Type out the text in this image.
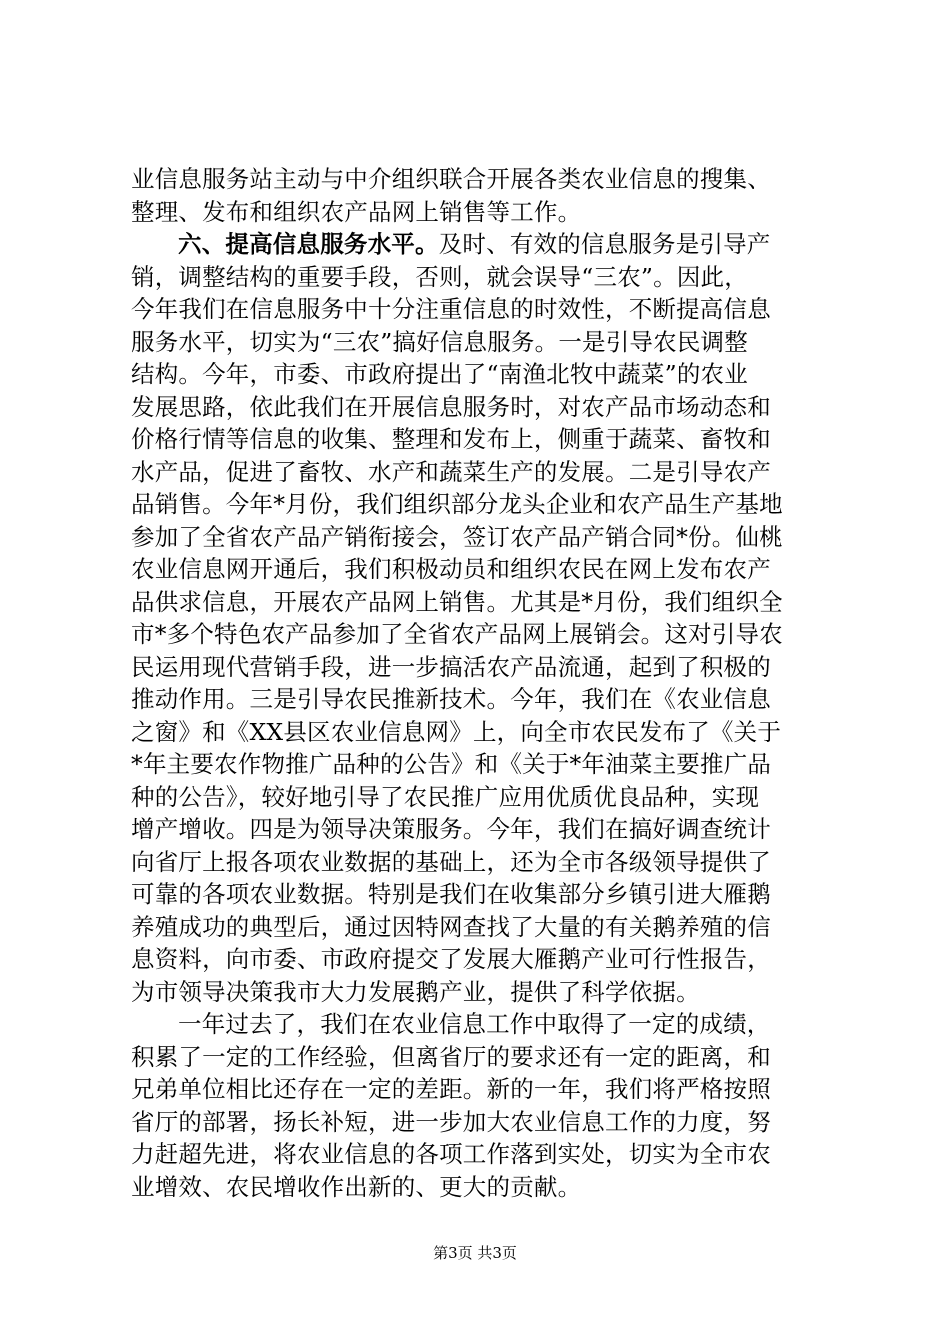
业信息服务站主动与中介组织联合开展各类农业信息的搜集、
整理、发布和组织农产品网上销售等工作。
六、提高信息服务水平。及时、有效的信息服务是引导产
销，调整结构的重要手段，否则，就会误导“三农”。因此，
今年我们在信息服务中十分注重信息的时效性，不断提高信息
服务水平，切实为“三农”搞好信息服务。一是引导农民调整
结构。今年，市委、市政府提出了“南渔北牧中蔬菜”的农业
发展思路，依此我们在开展信息服务时，对农产品市场动态和
价格行情等信息的收集、整理和发布上，侧重于蔬菜、畜牧和
水产品，促进了畜牧、水产和蔬菜生产的发展。二是引导农产
品销售。今年*月份，我们组织部分龙头企业和农产品生产基地
参加了全省农产品产销衔接会，签订农产品产销合同*份。仙桃
农业信息网开通后，我们积极动员和组织农民在网上发布农产
品供求信息，开展农产品网上销售。尤其是*月份，我们组织全
市*多个特色农产品参加了全省农产品网上展销会。这对引导农
民运用现代营销手段，进一步搞活农产品流通，起到了积极的
推动作用。三是引导农民推新技术。今年，我们在《农业信息
之窗》和《XX县区农业信息网》上，向全市农民发布了《关于
*年主要农作物推广品种的公告》和《关于*年油菜主要推广品
种的公告》，较好地引导了农民推广应用优质优良品种，实现
增产增收。四是为领导决策服务。今年，我们在搞好调查统计
向省厅上报各项农业数据的基础上，还为全市各级领导提供了
可靠的各项农业数据。特别是我们在收集部分乡镇引进大雁鹅
养殖成功的典型后，通过因特网查找了大量的有关鹅养殖的信
息资料，向市委、市政府提交了发展大雁鹅产业可行性报告，
为市领导决策我市大力发展鹅产业，提供了科学依据。
一年过去了，我们在农业信息工作中取得了一定的成绩，
积累了一定的工作经验，但离省厅的要求还有一定的距离，和
兄弟单位相比还存在一定的差距。新的一年，我们将严格按照
省厅的部署，扬长补短，进一步加大农业信息工作的力度，努
力赶超先进，将农业信息的各项工作落到实处，切实为全市农
业增效、农民增收作出新的、更大的贡献。
第3页 共3页
